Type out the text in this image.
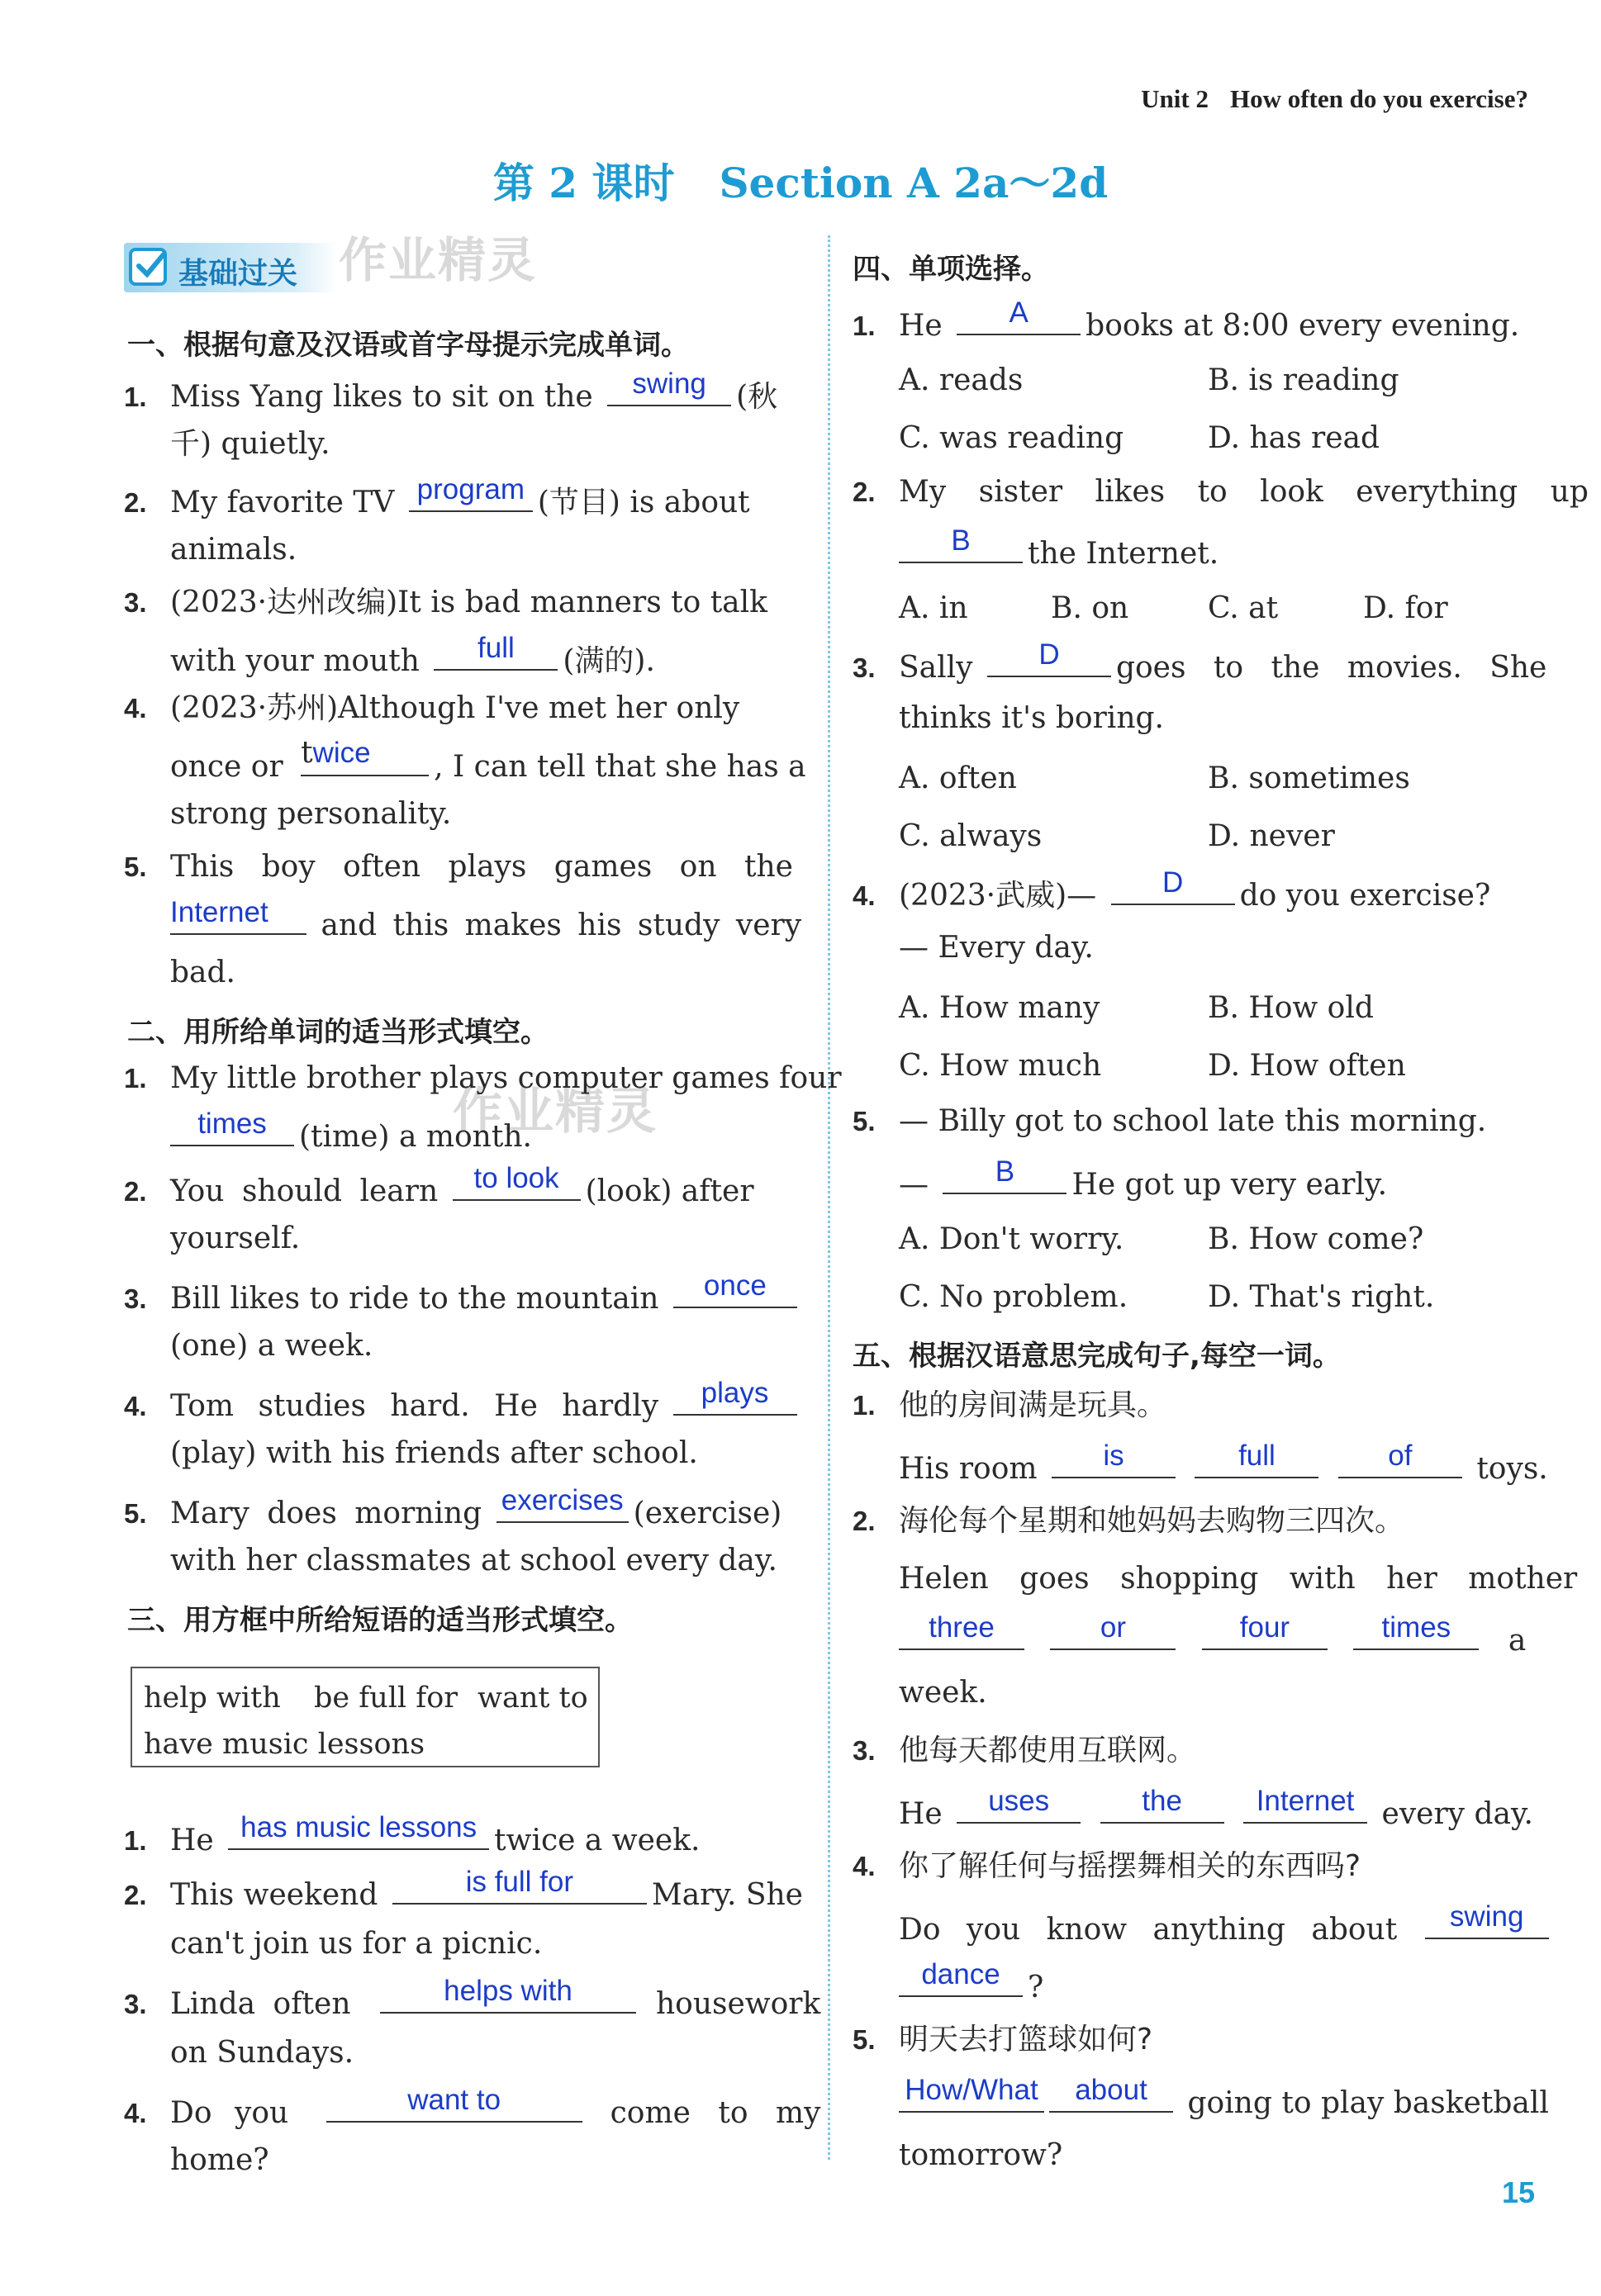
Unit 2 How often do you exercise?
第 2 课时 Section A 2a～2d
基础过关 作业精灵
作业精灵
一、根据句意及汉语或首字母提示完成单词。
1. Miss Yang likes to sit on the	swing	(秋
千) quietly.
2. My favorite TV program (节目) is about
animals.
3. (2023·达州改编)It is bad manners to talk
with your mouth	full	(满的).
4. (2023·苏州)Although I've met her only
once or twice	, I can tell that she has a
strong personality.
5. This boy often plays games on the
Internet	and this makes his study very
bad.
二、用所给单词的适当形式填空。
1. My little brother plays computer games four
times	(time) a month.
2. You should learn	to look (look) after
yourself.
3. Bill likes to ride to the mountain	once
(one) a week.
4. Tom studies hard. He hardly	plays
(play) with his friends after school.
5. Mary does morning exercises (exercise)
with her classmates at school every day.
三、用方框中所给短语的适当形式填空。
help with be full for want to
have music lessons
1. He has music lessons twice a week.
2. This weekend	is full for	Mary. She
can't join us for a picnic.
3. Linda often	helps with	housework
on Sundays.
4. Do you	want to	come to my
home?
四、单项选择。
1. He	A	books at 8:00 every evening.
A. reads	B. is reading
C. was reading	D. has read
2. My sister likes to look everything up
B	the Internet.
A. in	B. on	C. at	D. for
3. Sally	D	goes to the movies. She
thinks it's boring.
A. often	B. sometimes
C. always	D. never
4. (2023·武威)—	D	do you exercise?
— Every day.
A. How many	B. How old
C. How much	D. How often
5. — Billy got to school late this morning.
—	B	He got up very early.
A. Don't worry.	B. How come?
C. No problem.	D. That's right.
五、根据汉语意思完成句子,每空一词。
1. 他的房间满是玩具。
His room	is
	full
	of	toys.
2. 海伦每个星期和她妈妈去购物三四次。
Helen goes shopping with her mother
three
	or
	four
	times	a
week.
3. 他每天都使用互联网。
He	uses
	the
	Internet every day.
4. 你了解任何与摇摆舞相关的东西吗?
Do you know anything about	swing
dance ?
5. 明天去打篮球如何?
How/What	about	going to play basketball
tomorrow?
15
